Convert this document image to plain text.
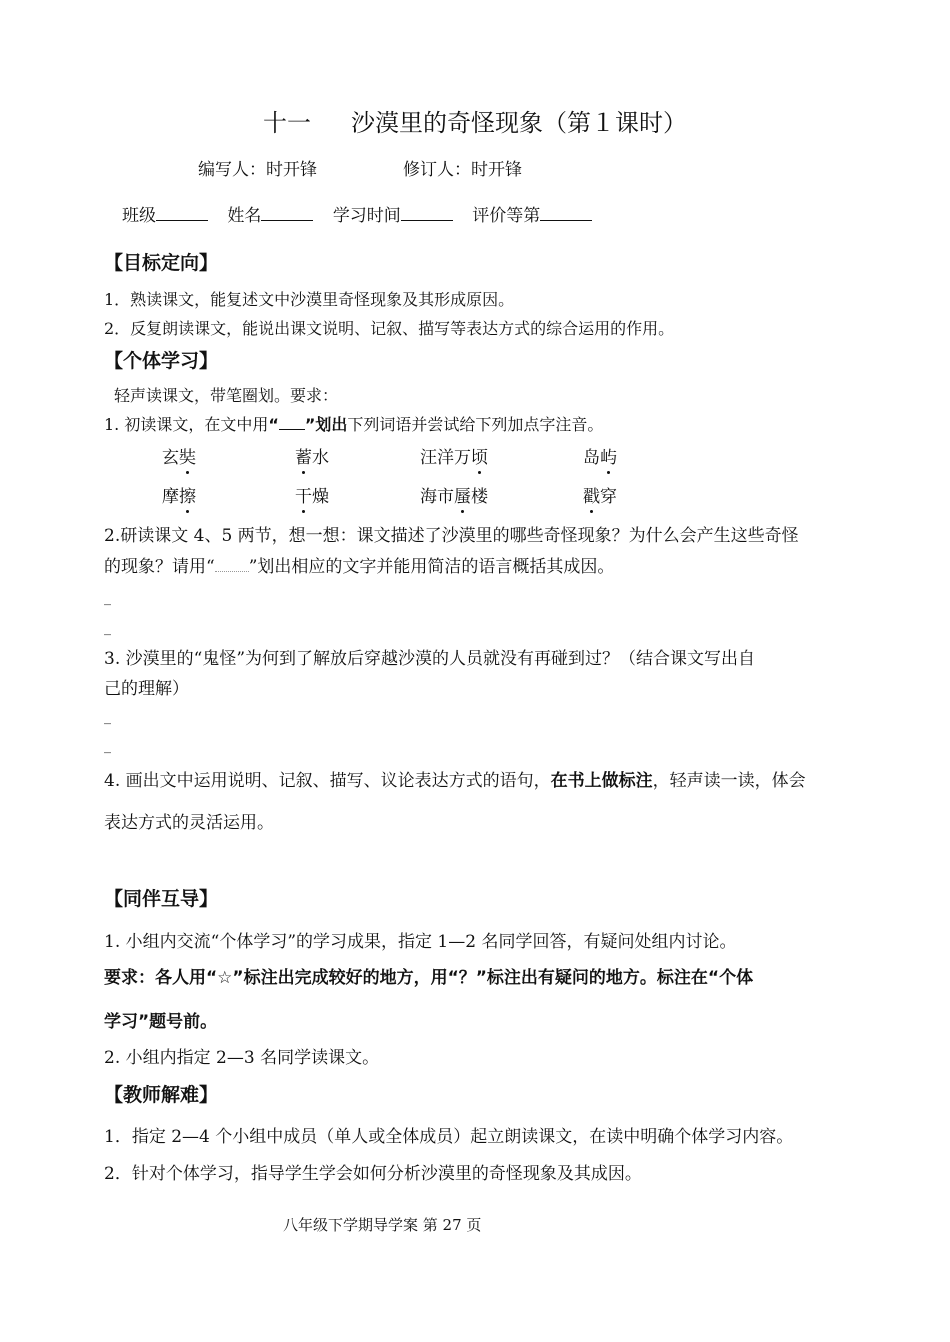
十一 沙漠里的奇怪现象（第１课时）
编写人：时开锋	修订人：时开锋
班级	姓名	学习时间	评价等第
【目标定向】
1．熟读课文，能复述文中沙漠里奇怪现象及其形成原因。
2．反复朗读课文，能说出课文说明、记叙、描写等表达方式的综合运用的作用。
【个体学习】
轻声读课文，带笔圈划。要求：
1. 初读课文，在文中用“ ”划出下列词语并尝试给下列加点字注音。
玄奘	蓄水	汪洋万顷	岛屿
摩擦	干燥	海市蜃楼	戳穿
2.研读课文 4、5 两节，想一想：课文描述了沙漠里的哪些奇怪现象？为什么会产生这些奇怪
的现象？请用“ ”划出相应的文字并能用简洁的语言概括其成因。
_
_
3. 沙漠里的“鬼怪”为何到了解放后穿越沙漠的人员就没有再碰到过？（结合课文写出自
己的理解）
_
_
4. 画出文中运用说明、记叙、描写、议论表达方式的语句，在书上做标注，轻声读一读，体会
表达方式的灵活运用。
【同伴互导】
1. 小组内交流“个体学习”的学习成果，指定 1—2 名同学回答，有疑问处组内讨论。
要求：各人用“☆”标注出完成较好的地方，用“？”标注出有疑问的地方。标注在“个体
学习”题号前。
2. 小组内指定 2—3 名同学读课文。
【教师解难】
1．指定 2—4 个小组中成员（单人或全体成员）起立朗读课文，在读中明确个体学习内容。
2．针对个体学习，指导学生学会如何分析沙漠里的奇怪现象及其成因。
八年级下学期导学案 第 27 页
